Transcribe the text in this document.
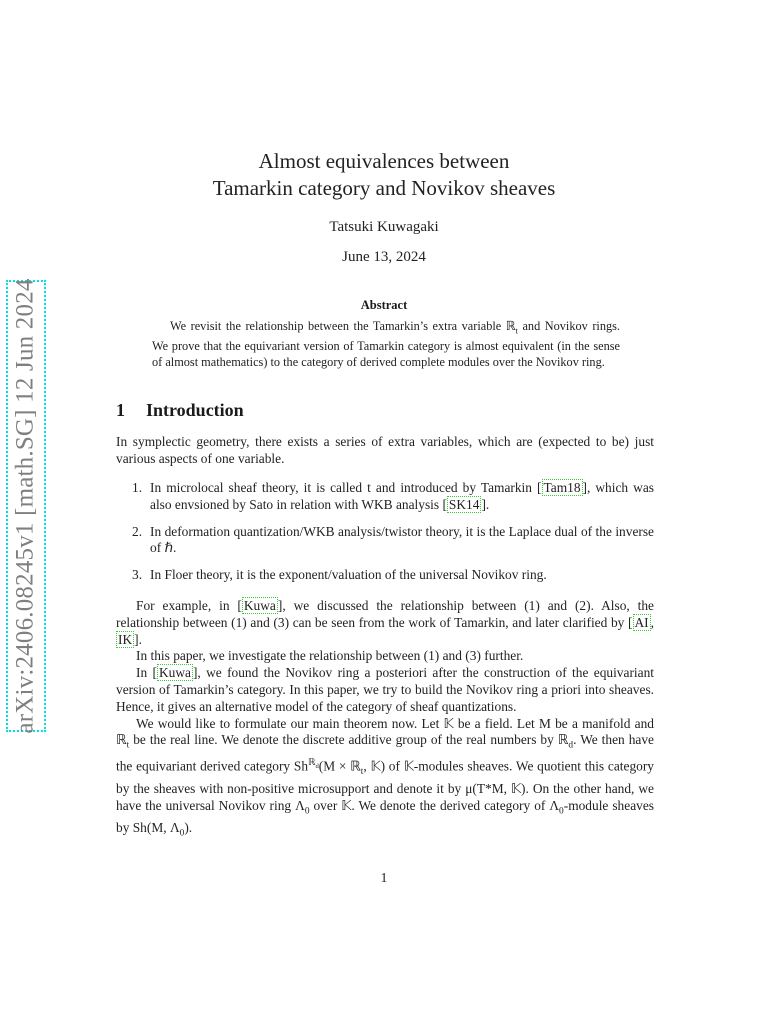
arXiv:2406.08245v1 [math.SG] 12 Jun 2024
Almost equivalences between
Tamarkin category and Novikov sheaves
Tatsuki Kuwagaki
June 13, 2024
Abstract

We revisit the relationship between the Tamarkin’s extra variable ℝ$_t$ and Novikov rings. We prove that the equivariant version of Tamarkin category is almost equivalent (in the sense of almost mathematics) to the category of derived complete modules over the Novikov ring.

1 Introduction

In symplectic geometry, there exists a series of extra variables, which are (expected to be) just various aspects of one variable.

1. In microlocal sheaf theory, it is called t and introduced by Tamarkin [ Tam18 ], which was also envsioned by Sato in relation with WKB analysis [ SK14 ].

2. In deformation quantization/WKB analysis/twistor theory, it is the Laplace dual of the inverse of ℏ.

3. In Floer theory, it is the exponent/valuation of the universal Novikov ring.

For example, in [ Kuwa ], we discussed the relationship between (1) and (2). Also, the relationship between (1) and (3) can be seen from the work of Tamarkin, and later clarified by [ AI , IK ].

In this paper, we investigate the relationship between (1) and (3) further.

In [ Kuwa ], we found the Novikov ring a posteriori after the construction of the equivariant version of Tamarkin’s category. In this paper, we try to build the Novikov ring a priori into sheaves. Hence, it gives an alternative model of the category of sheaf quantizations.

We would like to formulate our main theorem now. Let 𝕂 be a field. Let M be a manifold and ℝ$_t$ be the real line. We denote the discrete additive group of the real numbers by ℝ$_d$. We then have the equivariant derived category $Sh^{ℝ_d}(M$ × ℝ$_t$, 𝕂) of 𝕂-modules sheaves. We quotient this category by the sheaves with non-positive microsupport and denote it by μ(T*M, 𝕂). On the other hand, we have the universal Novikov ring $\Lambda_0$ over 𝕂. We denote the derived category of $\Lambda_0$-module sheaves by Sh(M, $\Lambda_0$).

1
